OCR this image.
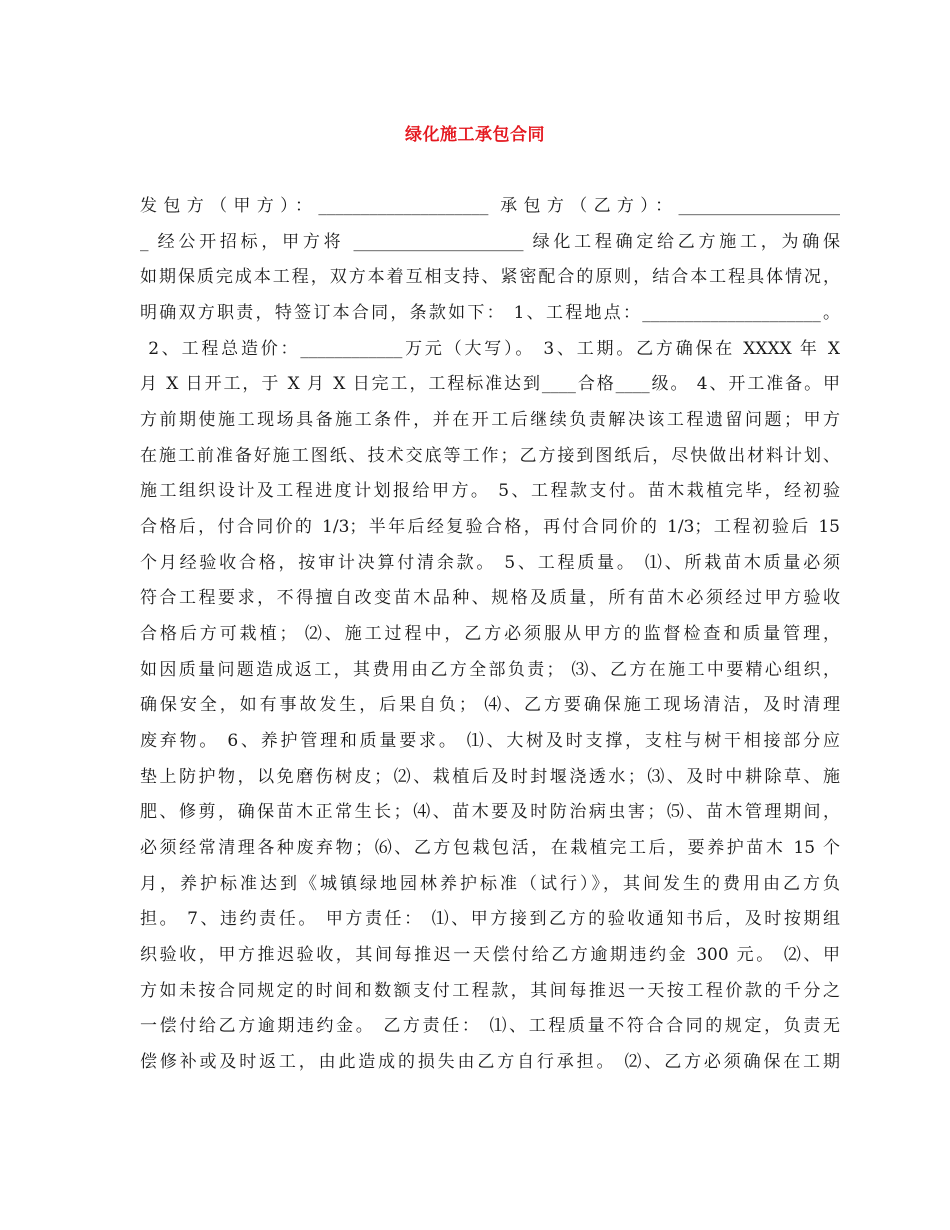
绿化施工承包合同
发包方（甲方）：____________________ 承包方（乙方）：___________________
_ 经公开招标，甲方将 ____________________ 绿化工程确定给乙方施工，为确保
如期保质完成本工程，双方本着互相支持、紧密配合的原则，结合本工程具体情况，
明确双方职责，特签订本合同，条款如下： 1、工程地点：_____________________。
2、工程总造价：____________万元（大写）。 3、工期。乙方确保在 XXXX 年 X
月 X 日开工，于 X 月 X 日完工，工程标准达到____合格____级。 4、开工准备。甲
方前期使施工现场具备施工条件，并在开工后继续负责解决该工程遗留问题；甲方
在施工前准备好施工图纸、技术交底等工作；乙方接到图纸后，尽快做出材料计划、
施工组织设计及工程进度计划报给甲方。 5、工程款支付。苗木栽植完毕，经初验
合格后，付合同价的 1/3；半年后经复验合格，再付合同价的 1/3；工程初验后 15
个月经验收合格，按审计决算付清余款。 5、工程质量。 ⑴、所栽苗木质量必须
符合工程要求，不得擅自改变苗木品种、规格及质量，所有苗木必须经过甲方验收
合格后方可栽植； ⑵、施工过程中，乙方必须服从甲方的监督检查和质量管理，
如因质量问题造成返工，其费用由乙方全部负责； ⑶、乙方在施工中要精心组织，
确保安全，如有事故发生，后果自负； ⑷、乙方要确保施工现场清洁，及时清理
废弃物。 6、养护管理和质量要求。 ⑴、大树及时支撑，支柱与树干相接部分应
垫上防护物，以免磨伤树皮；⑵、栽植后及时封堰浇透水；⑶、及时中耕除草、施
肥、修剪，确保苗木正常生长；⑷、苗木要及时防治病虫害；⑸、苗木管理期间，
必须经常清理各种废弃物；⑹、乙方包栽包活，在栽植完工后，要养护苗木 15 个
月，养护标准达到《城镇绿地园林养护标准（试行）》，其间发生的费用由乙方负
担。 7、违约责任。 甲方责任： ⑴、甲方接到乙方的验收通知书后，及时按期组
织验收，甲方推迟验收，其间每推迟一天偿付给乙方逾期违约金 300 元。 ⑵、甲
方如未按合同规定的时间和数额支付工程款，其间每推迟一天按工程价款的千分之
一偿付给乙方逾期违约金。 乙方责任： ⑴、工程质量不符合合同的规定，负责无
偿修补或及时返工，由此造成的损失由乙方自行承担。 ⑵、乙方必须确保在工期
